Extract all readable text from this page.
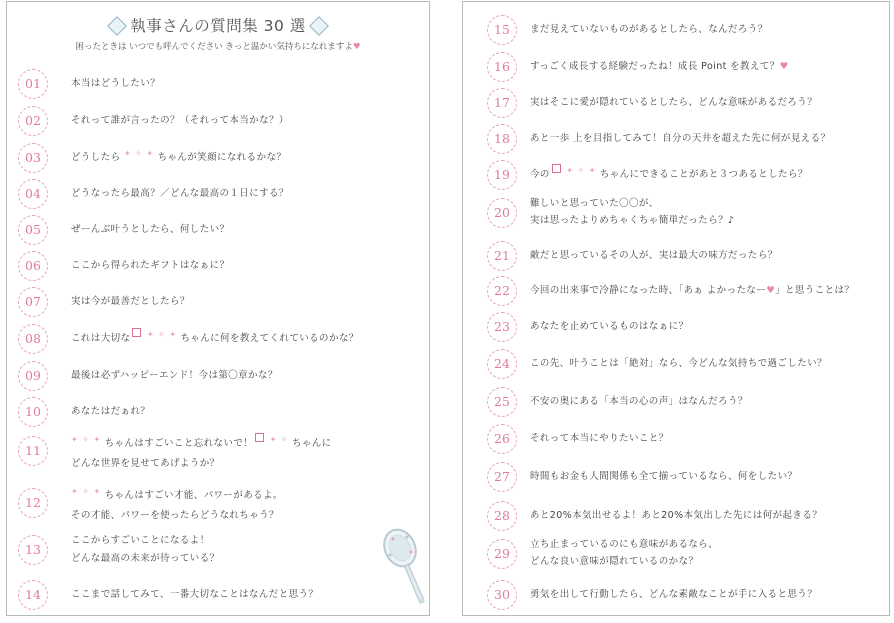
執事さんの質問集 30 選
困ったときは いつでも呼んでください きっと温かい気持ちになれますよ♥
01	本当はどうしたい？
02	それって誰が言ったの？（それって本当かな？）
03	どうしたら ✦ ✧ ✦ ちゃんが笑顔になれるかな？
04	どうなったら最高？／どんな最高の１日にする？
05	ぜーんぶ叶うとしたら、何したい？
06	ここから得られたギフトはなぁに？
07	実は今が最善だとしたら？
08	これは大切な ✦ ✧ ✦ ちゃんに何を教えてくれているのかな？
09	最後は必ずハッピーエンド！今は第〇章かな？
10	あなたはだぁれ？
11
✦ ✧ ✦ ちゃんはすごいこと忘れないで！ ✦ ✧ ちゃんに
どんな世界を見せてあげようか？
12
✦ ✧ ✦ ちゃんはすごい才能、パワーがあるよ。
その才能、パワーを使ったらどうなれちゃう？
13
ここからすごいことになるよ！
どんな最高の未来が待っている？
14	ここまで話してみて、一番大切なことはなんだと思う？
15	まだ見えていないものがあるとしたら、なんだろう？
16	すっごく成長する経験だったね！成長 Point を教えて？♥
17	実はそこに愛が隠れているとしたら、どんな意味があるだろう？
18	あと一歩 上を目指してみて！自分の天井を超えた先に何が見える？
19	今の ✦ ✧ ✦ ちゃんにできることがあと３つあるとしたら？
20
難しいと思っていた〇〇が、
実は思ったよりめちゃくちゃ簡単だったら？♪
21	敵だと思っているその人が、実は最大の味方だったら？
22	今回の出来事で冷静になった時、「あぁ よかったなー♥」と思うことは？
23	あなたを止めているものはなぁに？
24	この先、叶うことは「絶対」なら、今どんな気持ちで過ごしたい？
25	不安の奥にある「本当の心の声」はなんだろう？
26	それって本当にやりたいこと？
27	時間もお金も人間関係も全て揃っているなら、何をしたい？
28	あと20%本気出せるよ！あと20%本気出した先には何が起きる？
29
立ち止まっているのにも意味があるなら、
どんな良い意味が隠れているのかな？
30	勇気を出して行動したら、どんな素敵なことが手に入ると思う？
